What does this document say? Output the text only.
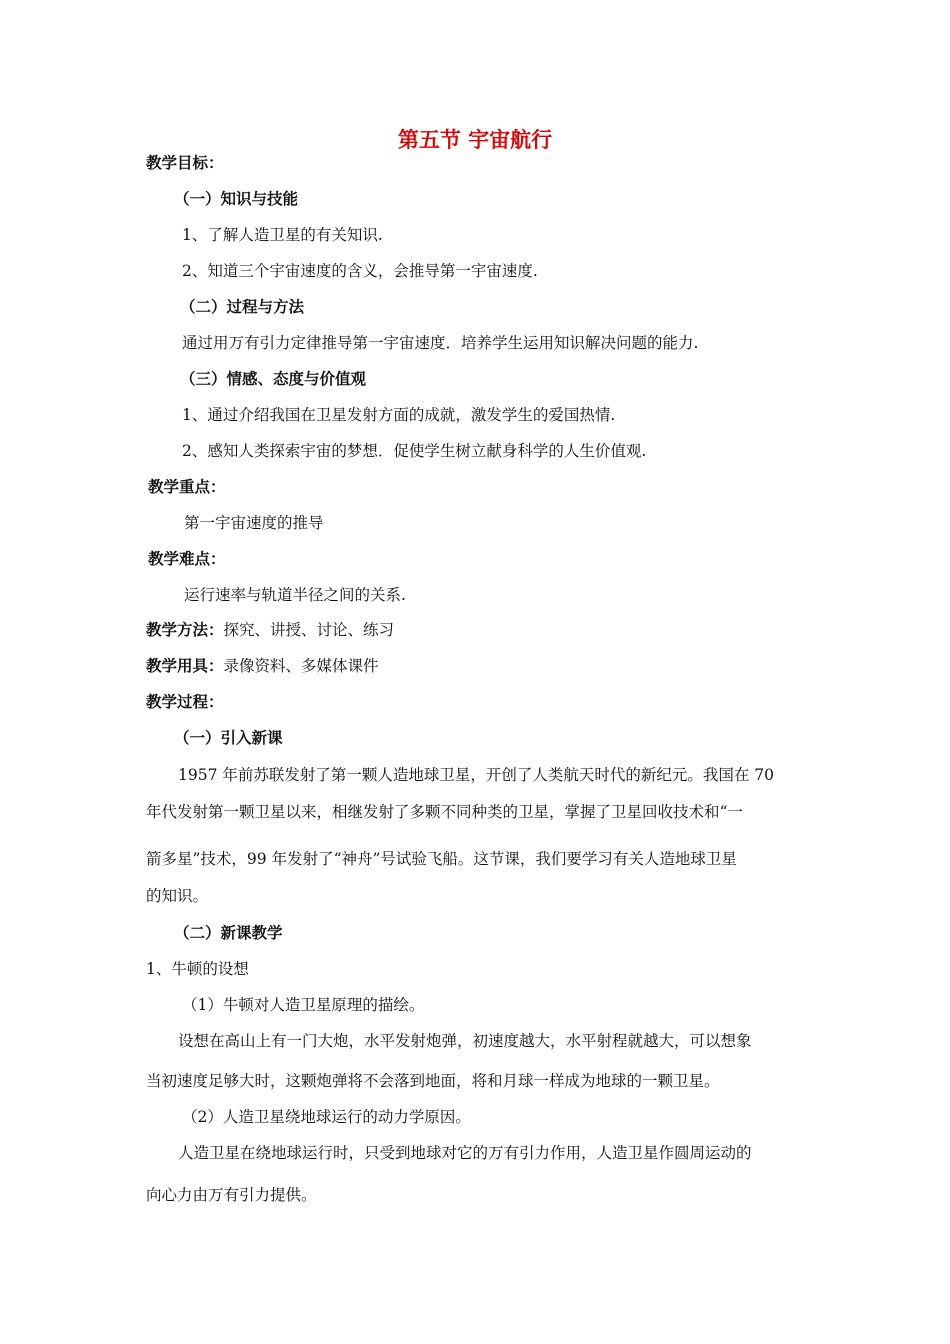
第五节 宇宙航行
教学目标：
（一）知识与技能
1、了解人造卫星的有关知识.
2、知道三个宇宙速度的含义，会推导第一宇宙速度.
（二）过程与方法
通过用万有引力定律推导第一宇宙速度．培养学生运用知识解决问题的能力.
（三）情感、态度与价值观
1、通过介绍我国在卫星发射方面的成就，激发学生的爱国热情.
2、感知人类探索宇宙的梦想．促使学生树立献身科学的人生价值观.
教学重点：
第一宇宙速度的推导
教学难点：
运行速率与轨道半径之间的关系.
教学方法：探究、讲授、讨论、练习
教学用具：录像资料、多媒体课件
教学过程：
（一）引入新课
1957 年前苏联发射了第一颗人造地球卫星，开创了人类航天时代的新纪元。我国在 70
年代发射第一颗卫星以来，相继发射了多颗不同种类的卫星，掌握了卫星回收技术和“一
箭多星”技术，99 年发射了“神舟”号试验飞船。这节课，我们要学习有关人造地球卫星
的知识。
（二）新课教学
1、牛顿的设想
（1）牛顿对人造卫星原理的描绘。
设想在高山上有一门大炮，水平发射炮弹，初速度越大，水平射程就越大，可以想象
当初速度足够大时，这颗炮弹将不会落到地面，将和月球一样成为地球的一颗卫星。
（2）人造卫星绕地球运行的动力学原因。
人造卫星在绕地球运行时，只受到地球对它的万有引力作用，人造卫星作圆周运动的
向心力由万有引力提供。
